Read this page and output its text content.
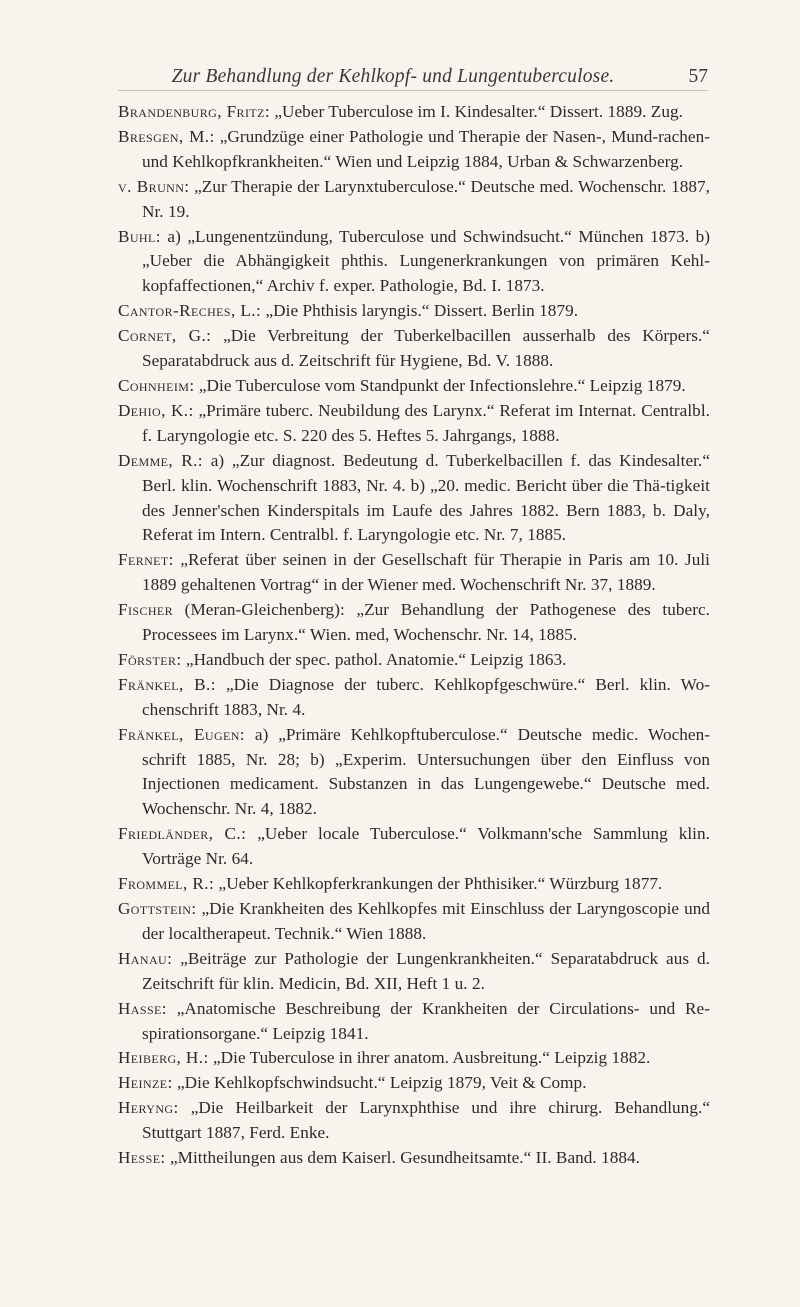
Zur Behandlung der Kehlkopf- und Lungentuberculose.	57

Brandenburg, Fritz: „Ueber Tuberculose im I. Kindesalter.“ Dissert. 1889. Zug.

Bresgen, M.: „Grundzüge einer Pathologie und Therapie der Nasen-, Mund-rachen- und Kehlkopfkrankheiten.“ Wien und Leipzig 1884, Urban & Schwarzenberg.

v. Brunn: „Zur Therapie der Larynxtuberculose.“ Deutsche med. Wochenschr. 1887, Nr. 19.

Buhl: a) „Lungenentzündung, Tuberculose und Schwindsucht.“ München 1873. b) „Ueber die Abhängigkeit phthis. Lungenerkrankungen von primären Kehl-kopfaffectionen,“ Archiv f. exper. Pathologie, Bd. I. 1873.

Cantor-Reches, L.: „Die Phthisis laryngis.“ Dissert. Berlin 1879.

Cornet, G.: „Die Verbreitung der Tuberkelbacillen ausserhalb des Körpers.“ Separatabdruck aus d. Zeitschrift für Hygiene, Bd. V. 1888.

Cohnheim: „Die Tuberculose vom Standpunkt der Infectionslehre.“ Leipzig 1879.

Dehio, K.: „Primäre tuberc. Neubildung des Larynx.“ Referat im Internat. Centralbl. f. Laryngologie etc. S. 220 des 5. Heftes 5. Jahrgangs, 1888.

Demme, R.: a) „Zur diagnost. Bedeutung d. Tuberkelbacillen f. das Kindesalter.“ Berl. klin. Wochenschrift 1883, Nr. 4. b) „20. medic. Bericht über die Thä-tigkeit des Jenner'schen Kinderspitals im Laufe des Jahres 1882. Bern 1883, b. Daly, Referat im Intern. Centralbl. f. Laryngologie etc. Nr. 7, 1885.

Fernet: „Referat über seinen in der Gesellschaft für Therapie in Paris am 10. Juli 1889 gehaltenen Vortrag“ in der Wiener med. Wochenschrift Nr. 37, 1889.

Fischer (Meran-Gleichenberg): „Zur Behandlung der Pathogenese des tuberc. Processees im Larynx.“ Wien. med, Wochenschr. Nr. 14, 1885.

Förster: „Handbuch der spec. pathol. Anatomie.“ Leipzig 1863.

Fränkel, B.: „Die Diagnose der tuberc. Kehlkopfgeschwüre.“ Berl. klin. Wo-chenschrift 1883, Nr. 4.

Fränkel, Eugen: a) „Primäre Kehlkopftuberculose.“ Deutsche medic. Wochen-schrift 1885, Nr. 28; b) „Experim. Untersuchungen über den Einfluss von Injectionen medicament. Substanzen in das Lungengewebe.“ Deutsche med. Wochenschr. Nr. 4, 1882.

Friedländer, C.: „Ueber locale Tuberculose.“ Volkmann'sche Sammlung klin. Vorträge Nr. 64.

Frommel, R.: „Ueber Kehlkopferkrankungen der Phthisiker.“ Würzburg 1877.

Gottstein: „Die Krankheiten des Kehlkopfes mit Einschluss der Laryngoscopie und der localtherapeut. Technik.“ Wien 1888.

Hanau: „Beiträge zur Pathologie der Lungenkrankheiten.“ Separatabdruck aus d. Zeitschrift für klin. Medicin, Bd. XII, Heft 1 u. 2.

Hasse: „Anatomische Beschreibung der Krankheiten der Circulations- und Re-spirationsorgane.“ Leipzig 1841.

Heiberg, H.: „Die Tuberculose in ihrer anatom. Ausbreitung.“ Leipzig 1882.

Heinze: „Die Kehlkopfschwindsucht.“ Leipzig 1879, Veit & Comp.

Heryng: „Die Heilbarkeit der Larynxphthise und ihre chirurg. Behandlung.“ Stuttgart 1887, Ferd. Enke.

Hesse: „Mittheilungen aus dem Kaiserl. Gesundheitsamte.“ II. Band. 1884.
